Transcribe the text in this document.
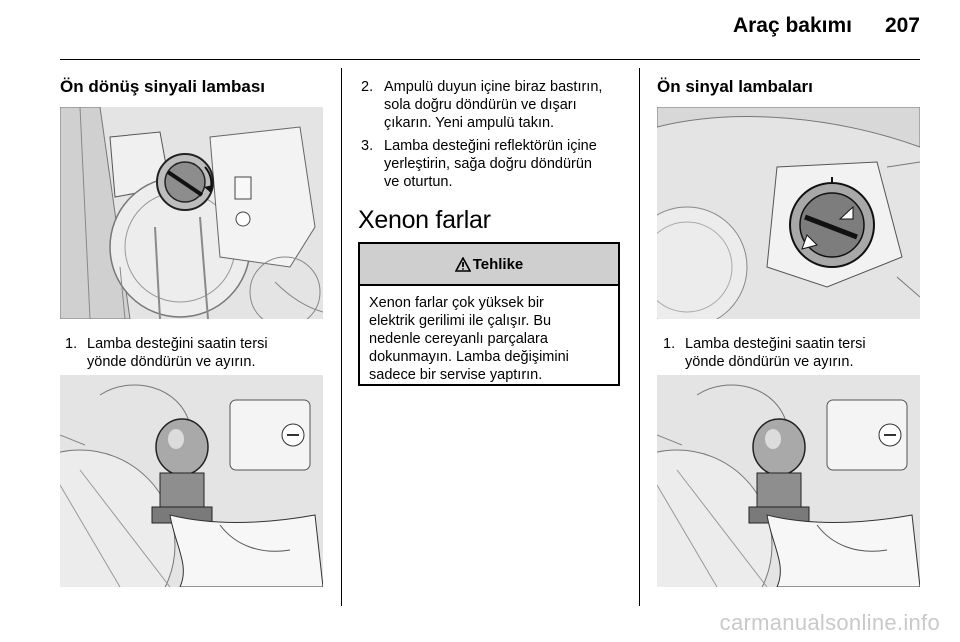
Araç bakımı 207
Ön dönüş sinyali lambası
1. Lamba desteğini saatin tersi
yönde döndürün ve ayırın.
2. Ampulü duyun içine biraz bastırın,
sola doğru döndürün ve dışarı
çıkarın. Yeni ampulü takın.
3. Lamba desteğini reflektörün içine
yerleştirin, sağa doğru döndürün
ve oturtun.
Xenon farlar
Tehlike
Xenon farlar çok yüksek bir
elektrik gerilimi ile çalışır. Bu
nedenle cereyanlı parçalara
dokunmayın. Lamba değişimini
sadece bir servise yaptırın.
Ön sinyal lambaları
1. Lamba desteğini saatin tersi
yönde döndürün ve ayırın.
carmanualsonline.info
